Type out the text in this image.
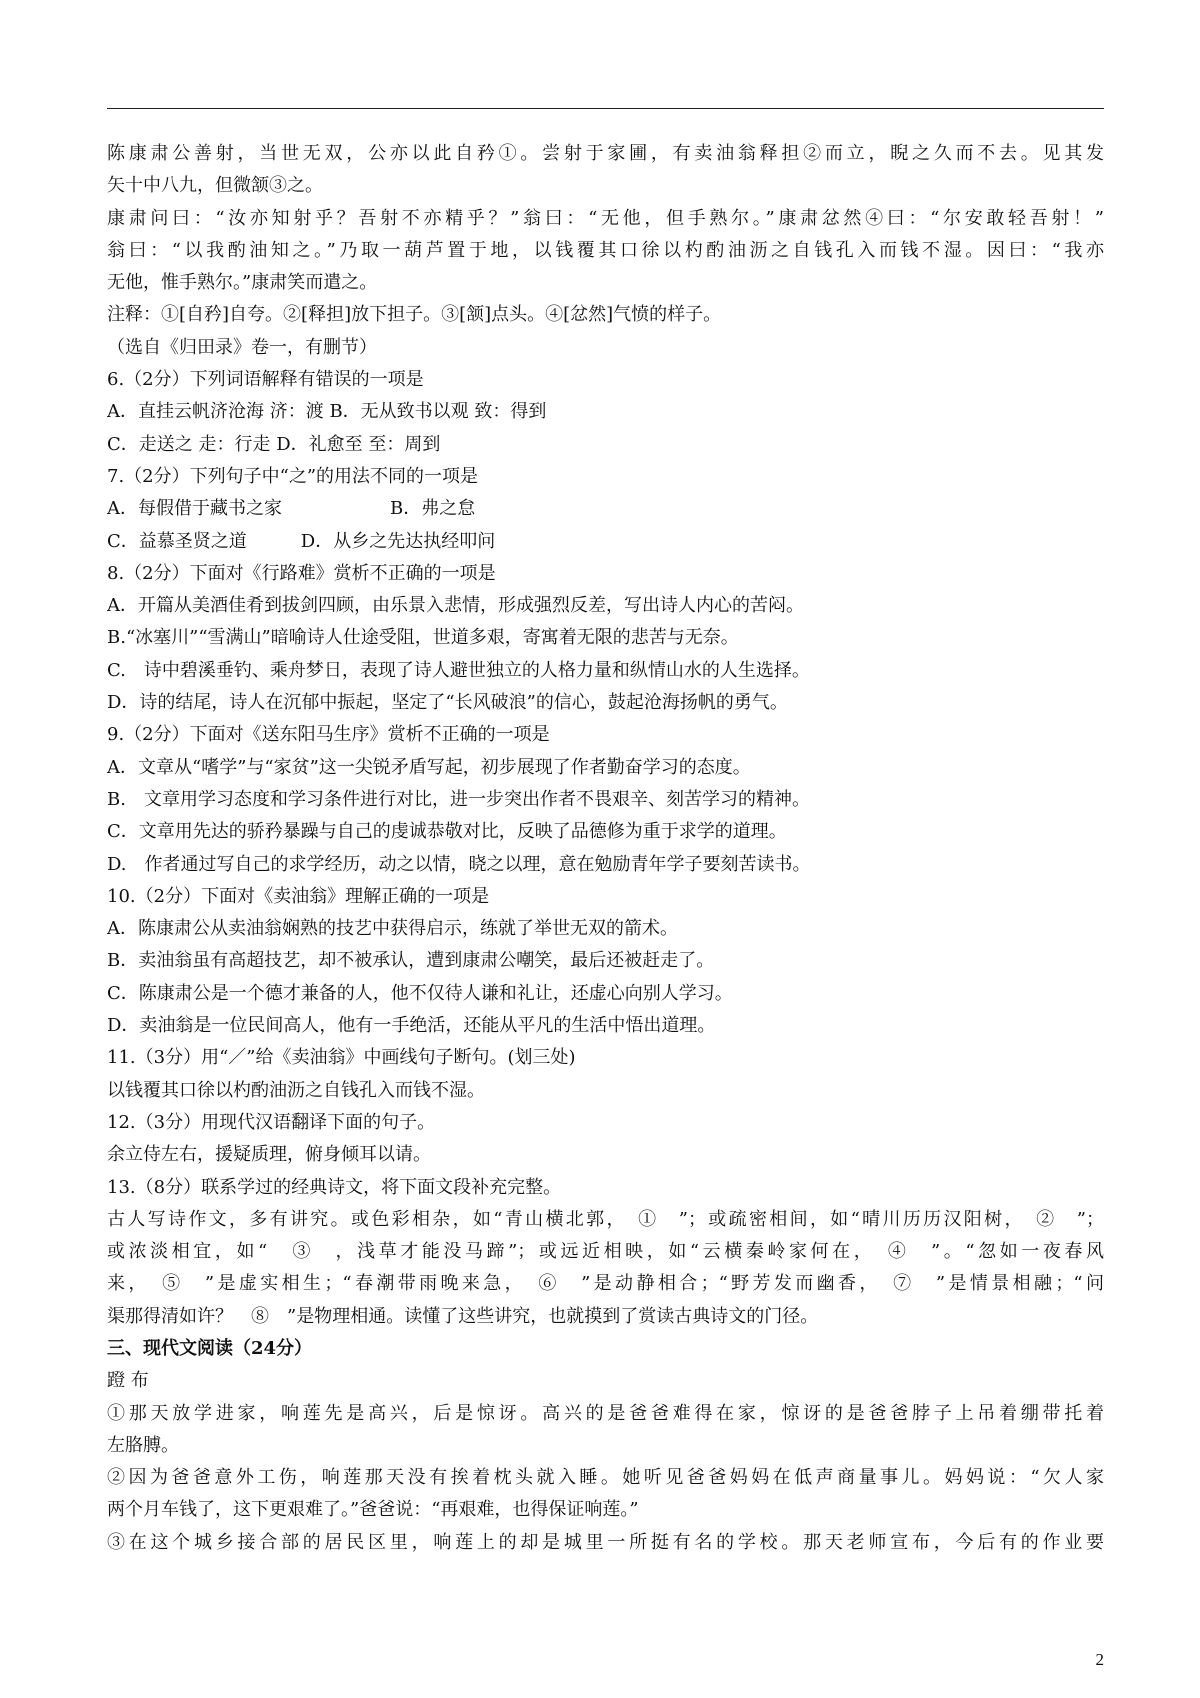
陈康肃公善射，当世无双，公亦以此自矜①。尝射于家圃，有卖油翁释担②而立，睨之久而不去。见其发
矢十中八九，但微颔③之。
康肃问曰：“汝亦知射乎？吾射不亦精乎？”翁曰：“无他，但手熟尔。”康肃忿然④曰：“尔安敢轻吾射！”
翁曰：“以我酌油知之。”乃取一葫芦置于地，以钱覆其口徐以杓酌油沥之自钱孔入而钱不湿。因曰：“我亦
无他，惟手熟尔。”康肃笑而遣之。
注释：①[自矜]自夸。②[释担]放下担子。③[颔]点头。④[忿然]气愤的样子。
（选自《归田录》卷一，有删节）
6.（2分）下列词语解释有错误的一项是
A．直挂云帆济沧海 济：渡 B．无从致书以观 致：得到
C．走送之 走：行走 D．礼愈至 至：周到
7.（2分）下列句子中“之”的用法不同的一项是
A．每假借于藏书之家　　　　　　B．弗之怠
C．益慕圣贤之道　　　D．从乡之先达执经叩问
8.（2分）下面对《行路难》赏析不正确的一项是
A．开篇从美酒佳肴到拔剑四顾，由乐景入悲情，形成强烈反差，写出诗人内心的苦闷。
B.“冰塞川”“雪满山”暗喻诗人仕途受阻，世道多艰，寄寓着无限的悲苦与无奈。
C.　诗中碧溪垂钓、乘舟梦日，表现了诗人避世独立的人格力量和纵情山水的人生选择。
D．诗的结尾，诗人在沉郁中振起，坚定了“长风破浪”的信心，鼓起沧海扬帆的勇气。
9.（2分）下面对《送东阳马生序》赏析不正确的一项是
A．文章从“嗜学”与“家贫”这一尖锐矛盾写起，初步展现了作者勤奋学习的态度。
B.　文章用学习态度和学习条件进行对比，进一步突出作者不畏艰辛、刻苦学习的精神。
C．文章用先达的骄矜暴躁与自己的虔诚恭敬对比，反映了品德修为重于求学的道理。
D.　作者通过写自己的求学经历，动之以情，晓之以理，意在勉励青年学子要刻苦读书。
10.（2分）下面对《卖油翁》理解正确的一项是
A．陈康肃公从卖油翁娴熟的技艺中获得启示，练就了举世无双的箭术。
B．卖油翁虽有高超技艺，却不被承认，遭到康肃公嘲笑，最后还被赶走了。
C．陈康肃公是一个德才兼备的人，他不仅待人谦和礼让，还虚心向别人学习。
D．卖油翁是一位民间高人，他有一手绝活，还能从平凡的生活中悟出道理。
11.（3分）用“／”给《卖油翁》中画线句子断句。(划三处)
以钱覆其口徐以杓酌油沥之自钱孔入而钱不湿。
12.（3分）用现代汉语翻译下面的句子。
余立侍左右，援疑质理，俯身倾耳以请。
13.（8分）联系学过的经典诗文，将下面文段补充完整。
古人写诗作文，多有讲究。或色彩相杂，如“青山横北郭，　①　”；或疏密相间，如“晴川历历汉阳树，　②　”；
或浓淡相宜，如“　③　，浅草才能没马蹄”；或远近相映，如“云横秦岭家何在，　④　”。“忽如一夜春风
来，　⑤　”是虚实相生；“春潮带雨晚来急，　⑥　”是动静相合；“野芳发而幽香，　⑦　”是情景相融；“问
渠那得清如许？　⑧　”是物理相通。读懂了这些讲究，也就摸到了赏读古典诗文的门径。
三、现代文阅读（24分）
蹬 布
①那天放学进家，响莲先是高兴，后是惊讶。高兴的是爸爸难得在家，惊讶的是爸爸脖子上吊着绷带托着
左胳膊。
②因为爸爸意外工伤，响莲那天没有挨着枕头就入睡。她听见爸爸妈妈在低声商量事儿。妈妈说：“欠人家
两个月车钱了，这下更艰难了。”爸爸说：“再艰难，也得保证响莲。”
③在这个城乡接合部的居民区里，响莲上的却是城里一所挺有名的学校。那天老师宣布，今后有的作业要
2
